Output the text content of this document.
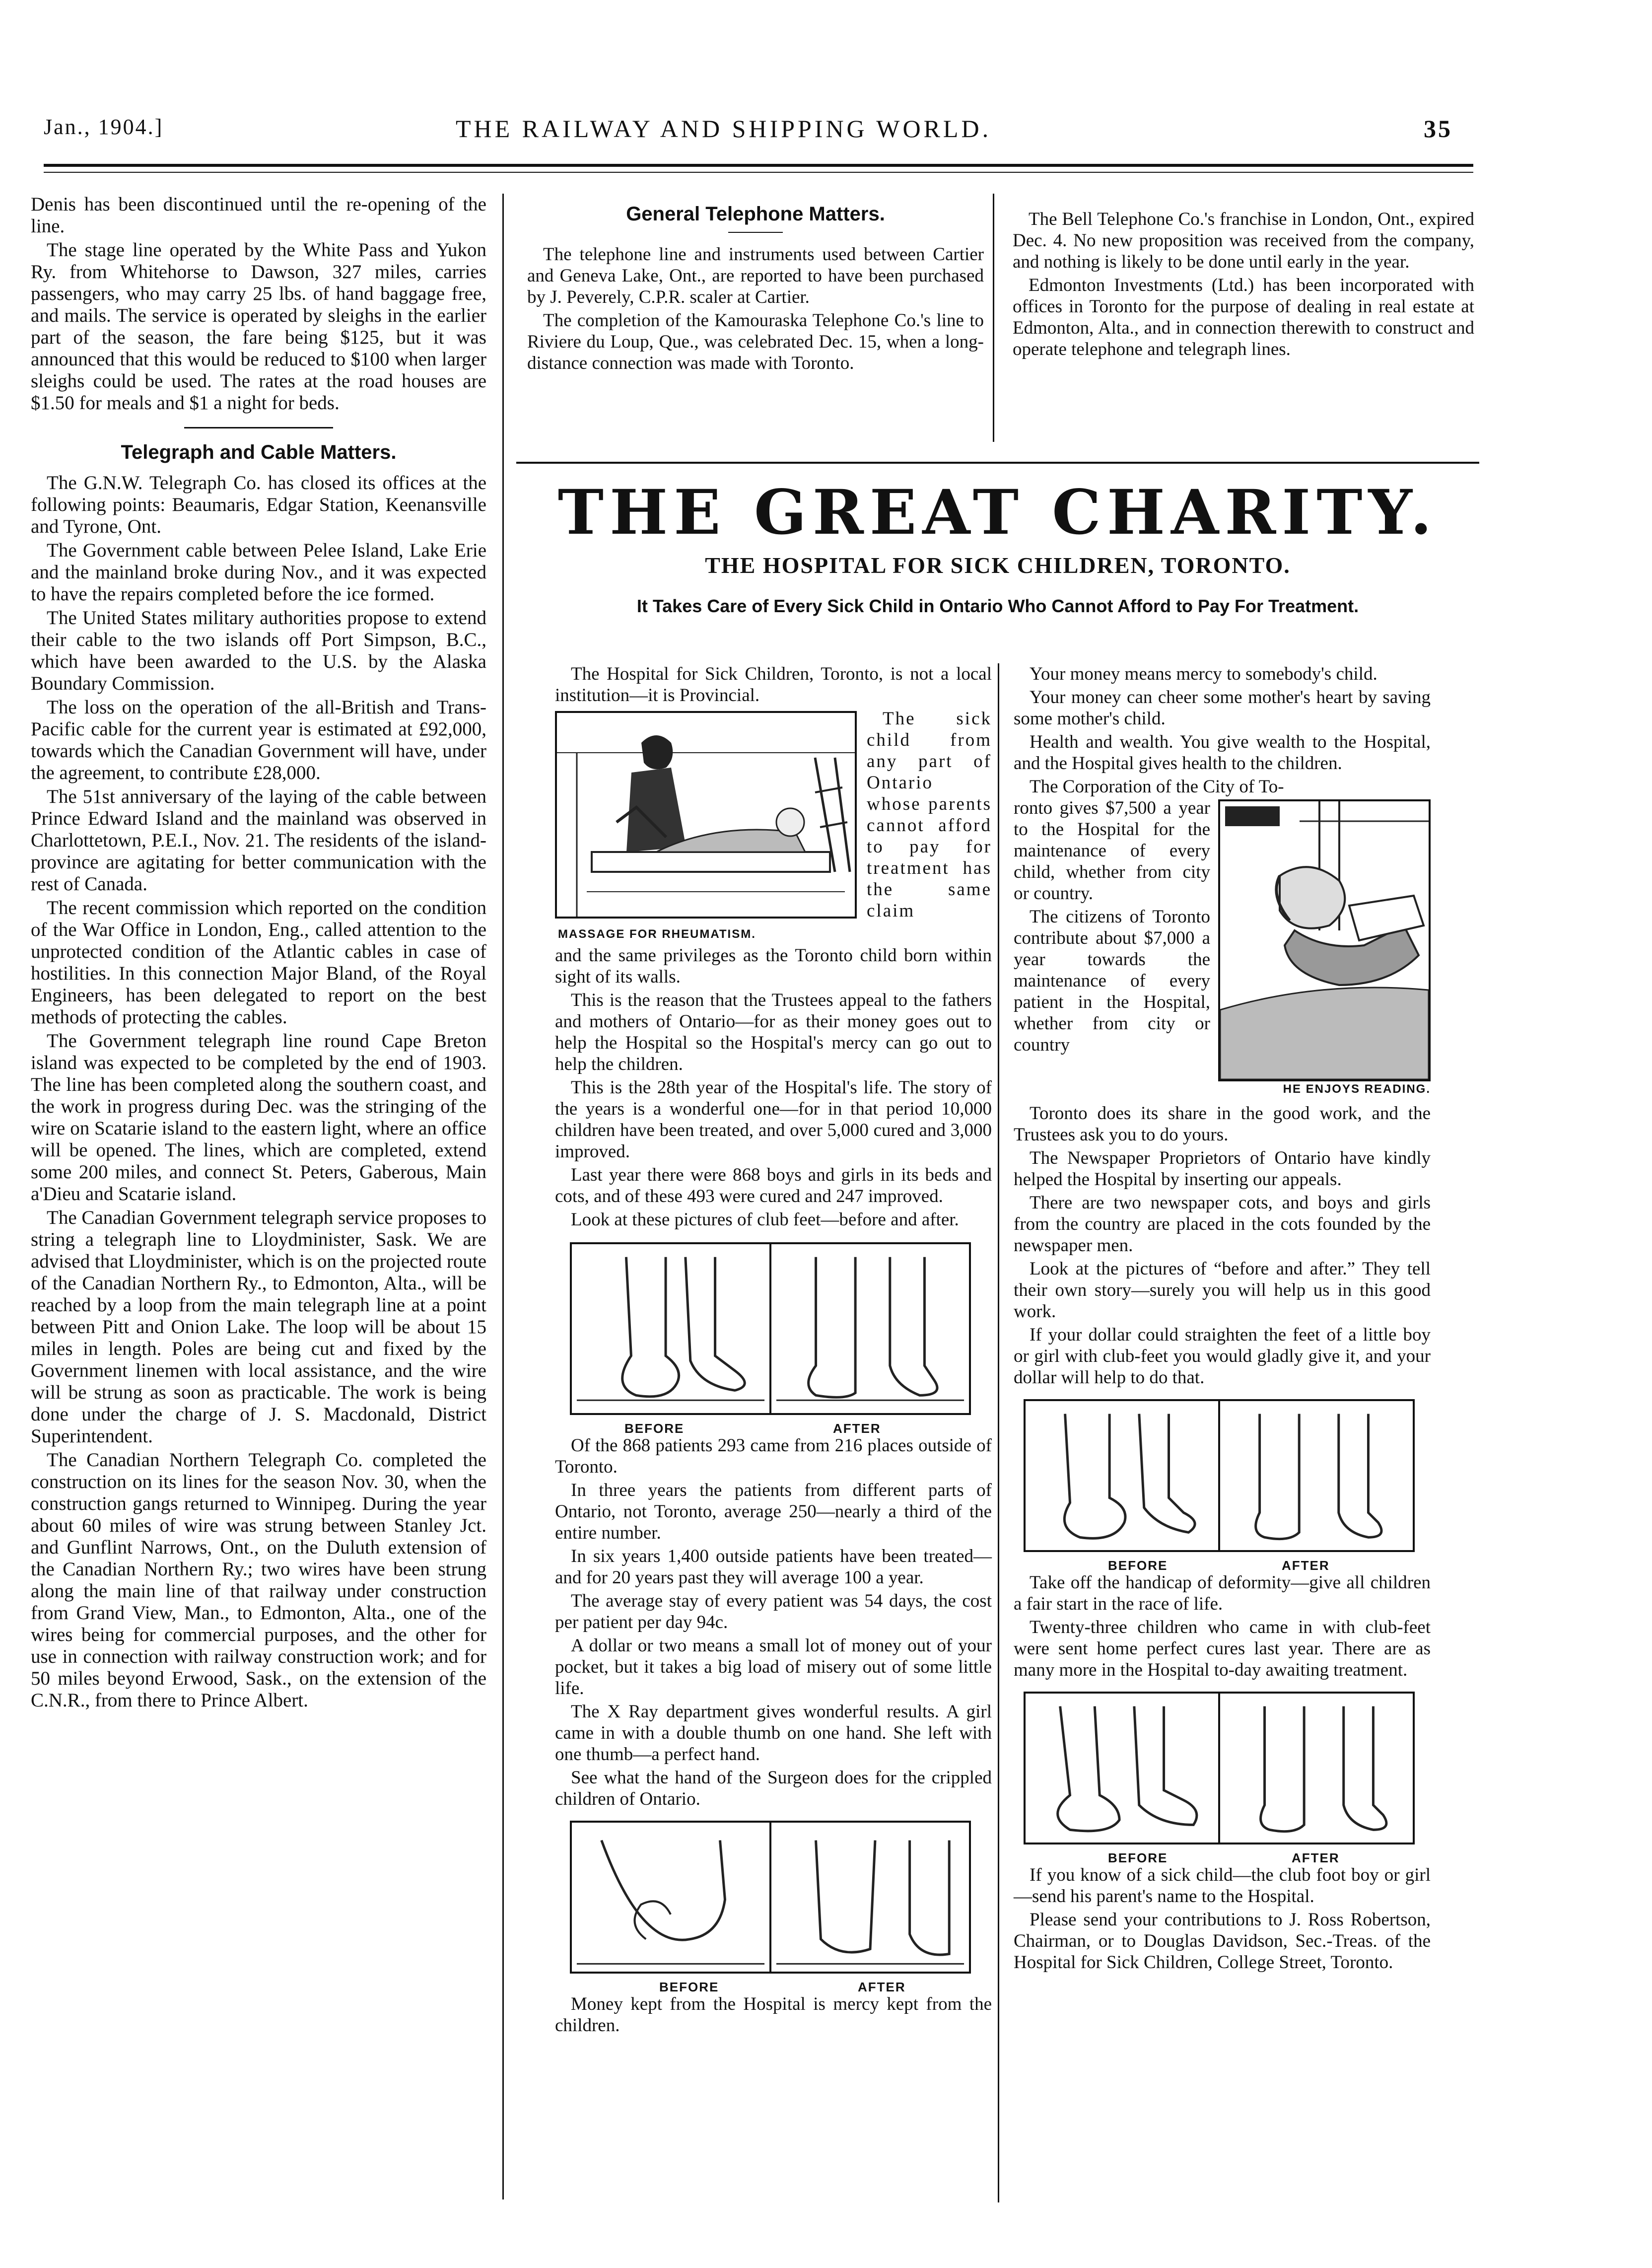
Jan., 1904.]	THE RAILWAY AND SHIPPING WORLD.	35

Denis has been discontinued until the re-opening of the line.

The stage line operated by the White Pass and Yukon Ry. from Whitehorse to Dawson, 327 miles, carries passengers, who may carry 25 lbs. of hand baggage free, and mails. The service is operated by sleighs in the earlier part of the season, the fare being $125, but it was announced that this would be reduced to $100 when larger sleighs could be used. The rates at the road houses are $1.50 for meals and $1 a night for beds.

Telegraph and Cable Matters.

The G.N.W. Telegraph Co. has closed its offices at the following points: Beaumaris, Edgar Station, Keenansville and Tyrone, Ont.

The Government cable between Pelee Island, Lake Erie and the mainland broke during Nov., and it was expected to have the repairs completed before the ice formed.

The United States military authorities propose to extend their cable to the two islands off Port Simpson, B.C., which have been awarded to the U.S. by the Alaska Boundary Commission.

The loss on the operation of the all-British and Trans-Pacific cable for the current year is estimated at £92,000, towards which the Canadian Government will have, under the agreement, to contribute £28,000.

The 51st anniversary of the laying of the cable between Prince Edward Island and the mainland was observed in Charlottetown, P.E.I., Nov. 21. The residents of the island-province are agitating for better communication with the rest of Canada.

The recent commission which reported on the condition of the War Office in London, Eng., called attention to the unprotected condition of the Atlantic cables in case of hostilities. In this connection Major Bland, of the Royal Engineers, has been delegated to report on the best methods of protecting the cables.

The Government telegraph line round Cape Breton island was expected to be completed by the end of 1903. The line has been completed along the southern coast, and the work in progress during Dec. was the stringing of the wire on Scatarie island to the eastern light, where an office will be opened. The lines, which are completed, extend some 200 miles, and connect St. Peters, Gaberous, Main a'Dieu and Scatarie island.

The Canadian Government telegraph service proposes to string a telegraph line to Lloydminister, Sask. We are advised that Lloydminister, which is on the projected route of the Canadian Northern Ry., to Edmonton, Alta., will be reached by a loop from the main telegraph line at a point between Pitt and Onion Lake. The loop will be about 15 miles in length. Poles are being cut and fixed by the Government linemen with local assistance, and the wire will be strung as soon as practicable. The work is being done under the charge of J. S. Macdonald, District Superintendent.

The Canadian Northern Telegraph Co. completed the construction on its lines for the season Nov. 30, when the construction gangs returned to Winnipeg. During the year about 60 miles of wire was strung between Stanley Jct. and Gunflint Narrows, Ont., on the Duluth extension of the Canadian Northern Ry.; two wires have been strung along the main line of that railway under construction from Grand View, Man., to Edmonton, Alta., one of the wires being for commercial purposes, and the other for use in connection with railway construction work; and for 50 miles beyond Erwood, Sask., on the extension of the C.N.R., from there to Prince Albert.

General Telephone Matters.

The telephone line and instruments used between Cartier and Geneva Lake, Ont., are reported to have been purchased by J. Peverely, C.P.R. scaler at Cartier.

The completion of the Kamouraska Telephone Co.'s line to Riviere du Loup, Que., was celebrated Dec. 15, when a long-distance connection was made with Toronto.

The Bell Telephone Co.'s franchise in London, Ont., expired Dec. 4. No new proposition was received from the company, and nothing is likely to be done until early in the year.

Edmonton Investments (Ltd.) has been incorporated with offices in Toronto for the purpose of dealing in real estate at Edmonton, Alta., and in connection therewith to construct and operate telephone and telegraph lines.

THE GREAT CHARITY.
THE HOSPITAL FOR SICK CHILDREN, TORONTO.
It Takes Care of Every Sick Child in Ontario Who Cannot Afford to Pay For Treatment.

The Hospital for Sick Children, Toronto, is not a local institution—it is Provincial.

The sick child from any part of Ontario whose parents cannot afford to pay for treatment has the same claim

MASSAGE FOR RHEUMATISM.

and the same privileges as the Toronto child born within sight of its walls.

This is the reason that the Trustees appeal to the fathers and mothers of Ontario—for as their money goes out to help the Hospital so the Hospital's mercy can go out to help the children.

This is the 28th year of the Hospital's life. The story of the years is a wonderful one—for in that period 10,000 children have been treated, and over 5,000 cured and 3,000 improved.

Last year there were 868 boys and girls in its beds and cots, and of these 493 were cured and 247 improved.

Look at these pictures of club feet—before and after.

BEFORE	AFTER

Of the 868 patients 293 came from 216 places outside of Toronto.

In three years the patients from different parts of Ontario, not Toronto, average 250—nearly a third of the entire number.

In six years 1,400 outside patients have been treated—and for 20 years past they will average 100 a year.

The average stay of every patient was 54 days, the cost per patient per day 94c.

A dollar or two means a small lot of money out of your pocket, but it takes a big load of misery out of some little life.

The X Ray department gives wonderful results. A girl came in with a double thumb on one hand. She left with one thumb—a perfect hand.

See what the hand of the Surgeon does for the crippled children of Ontario.

BEFORE	AFTER

Money kept from the Hospital is mercy kept from the children.

Your money means mercy to somebody's child.

Your money can cheer some mother's heart by saving some mother's child.

Health and wealth. You give wealth to the Hospital, and the Hospital gives health to the children.

The Corporation of the City of To-

ronto gives $7,500 a year to the Hospital for the maintenance of every child, whether from city or country.

The citizens of Toronto contribute about $7,000 a year towards the maintenance of every patient in the Hospital, whether from city or country

HE ENJOYS READING.

Toronto does its share in the good work, and the Trustees ask you to do yours.

The Newspaper Proprietors of Ontario have kindly helped the Hospital by inserting our appeals.

There are two newspaper cots, and boys and girls from the country are placed in the cots founded by the newspaper men.

Look at the pictures of “before and after.” They tell their own story—surely you will help us in this good work.

If your dollar could straighten the feet of a little boy or girl with club-feet you would gladly give it, and your dollar will help to do that.

BEFORE	AFTER

Take off the handicap of deformity—give all children a fair start in the race of life.

Twenty-three children who came in with club-feet were sent home perfect cures last year. There are as many more in the Hospital to-day awaiting treatment.

BEFORE	AFTER

If you know of a sick child—the club foot boy or girl—send his parent's name to the Hospital.

Please send your contributions to J. Ross Robertson, Chairman, or to Douglas Davidson, Sec.-Treas. of the Hospital for Sick Children, College Street, Toronto.
